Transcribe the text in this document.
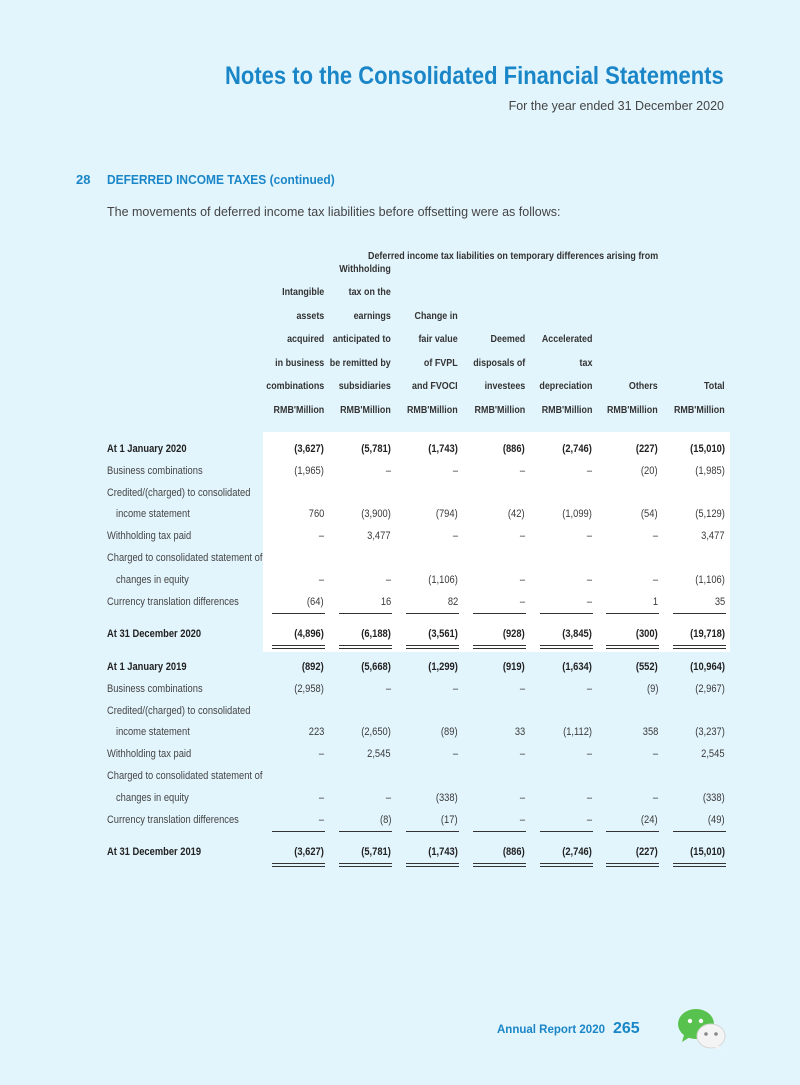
Notes to the Consolidated Financial Statements
For the year ended 31 December 2020
28 DEFERRED INCOME TAXES (continued)
The movements of deferred income tax liabilities before offsetting were as follows:
Deferred income tax liabilities on temporary differences arising from
Intangible
assets
acquired
in business
combinations
RMB'Million
Withholding
tax on the
earnings
anticipated to
be remitted by
subsidiaries
RMB'Million
Change in
fair value
of FVPL
and FVOCI
RMB'Million
Deemed
disposals of
investees
RMB'Million
Accelerated
tax
depreciation
RMB'Million
Others
RMB'Million
Total
RMB'Million
At 1 January 2020	(3,627)	(5,781)	(1,743)	(886)	(2,746)	(227)	(15,010)
Business combinations	(1,965)	–	–	–	–	(20)	(1,985)
Credited/(charged) to consolidated
income statement	760	(3,900)	(794)	(42)	(1,099)	(54)	(5,129)
Withholding tax paid	–	3,477	–	–	–	–	3,477
Charged to consolidated statement of
changes in equity	–	–	(1,106)	–	–	–	(1,106)
Currency translation differences	(64)	16	82	–	–	1	35
At 31 December 2020	(4,896)	(6,188)	(3,561)	(928)	(3,845)	(300)	(19,718)
At 1 January 2019	(892)	(5,668)	(1,299)	(919)	(1,634)	(552)	(10,964)
Business combinations	(2,958)	–	–	–	–	(9)	(2,967)
Credited/(charged) to consolidated
income statement	223	(2,650)	(89)	33	(1,112)	358	(3,237)
Withholding tax paid	–	2,545	–	–	–	–	2,545
Charged to consolidated statement of
changes in equity	–	–	(338)	–	–	–	(338)
Currency translation differences	–	(8)	(17)	–	–	(24)	(49)
At 31 December 2019	(3,627)	(5,781)	(1,743)	(886)	(2,746)	(227)	(15,010)
Annual Report 2020 265
